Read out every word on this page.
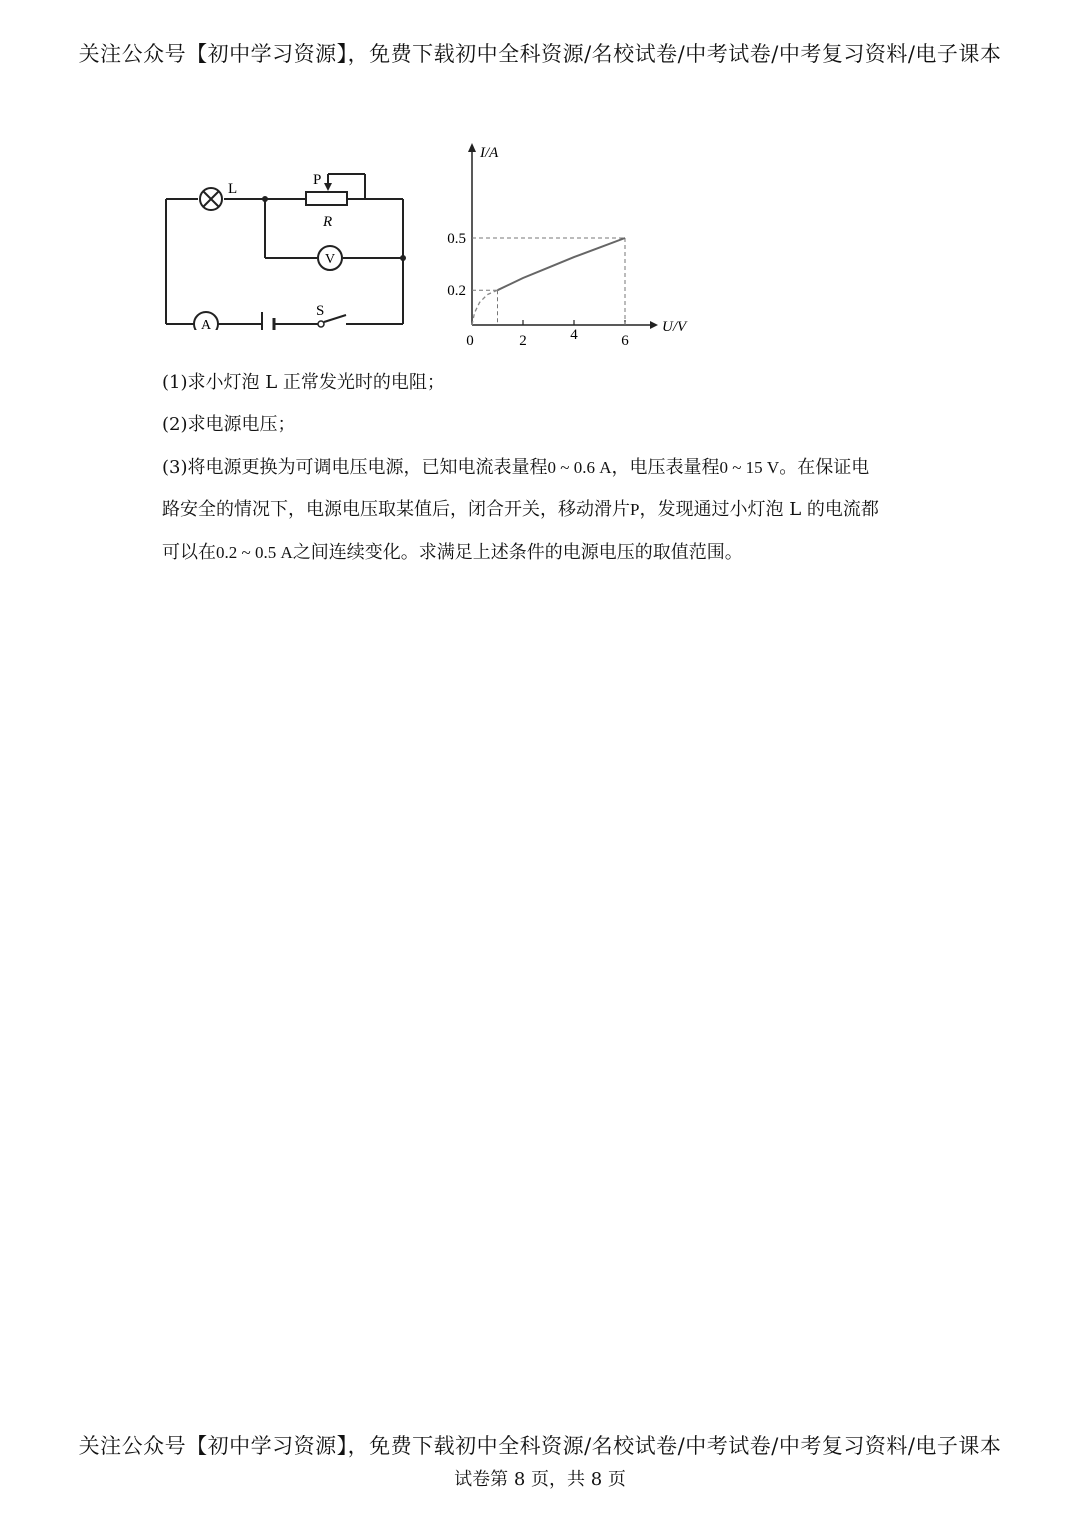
关注公众号【初中学习资源】，免费下载初中全科资源/名校试卷/中考试卷/中考复习资料/电子课本
L
P
R
V
A
S
I/A
U/V
0	2	4	6
0.2
0.5
(1)求小灯泡 L 正常发光时的电阻；
(2)求电源电压；
(3)将电源更换为可调电压电源，已知电流表量程0 ~ 0.6 A，电压表量程0 ~ 15 V。在保证电
路安全的情况下，电源电压取某值后，闭合开关，移动滑片P，发现通过小灯泡 L 的电流都
可以在0.2 ~ 0.5 A之间连续变化。求满足上述条件的电源电压的取值范围。
关注公众号【初中学习资源】，免费下载初中全科资源/名校试卷/中考试卷/中考复习资料/电子课本
试卷第 8 页，共 8 页
